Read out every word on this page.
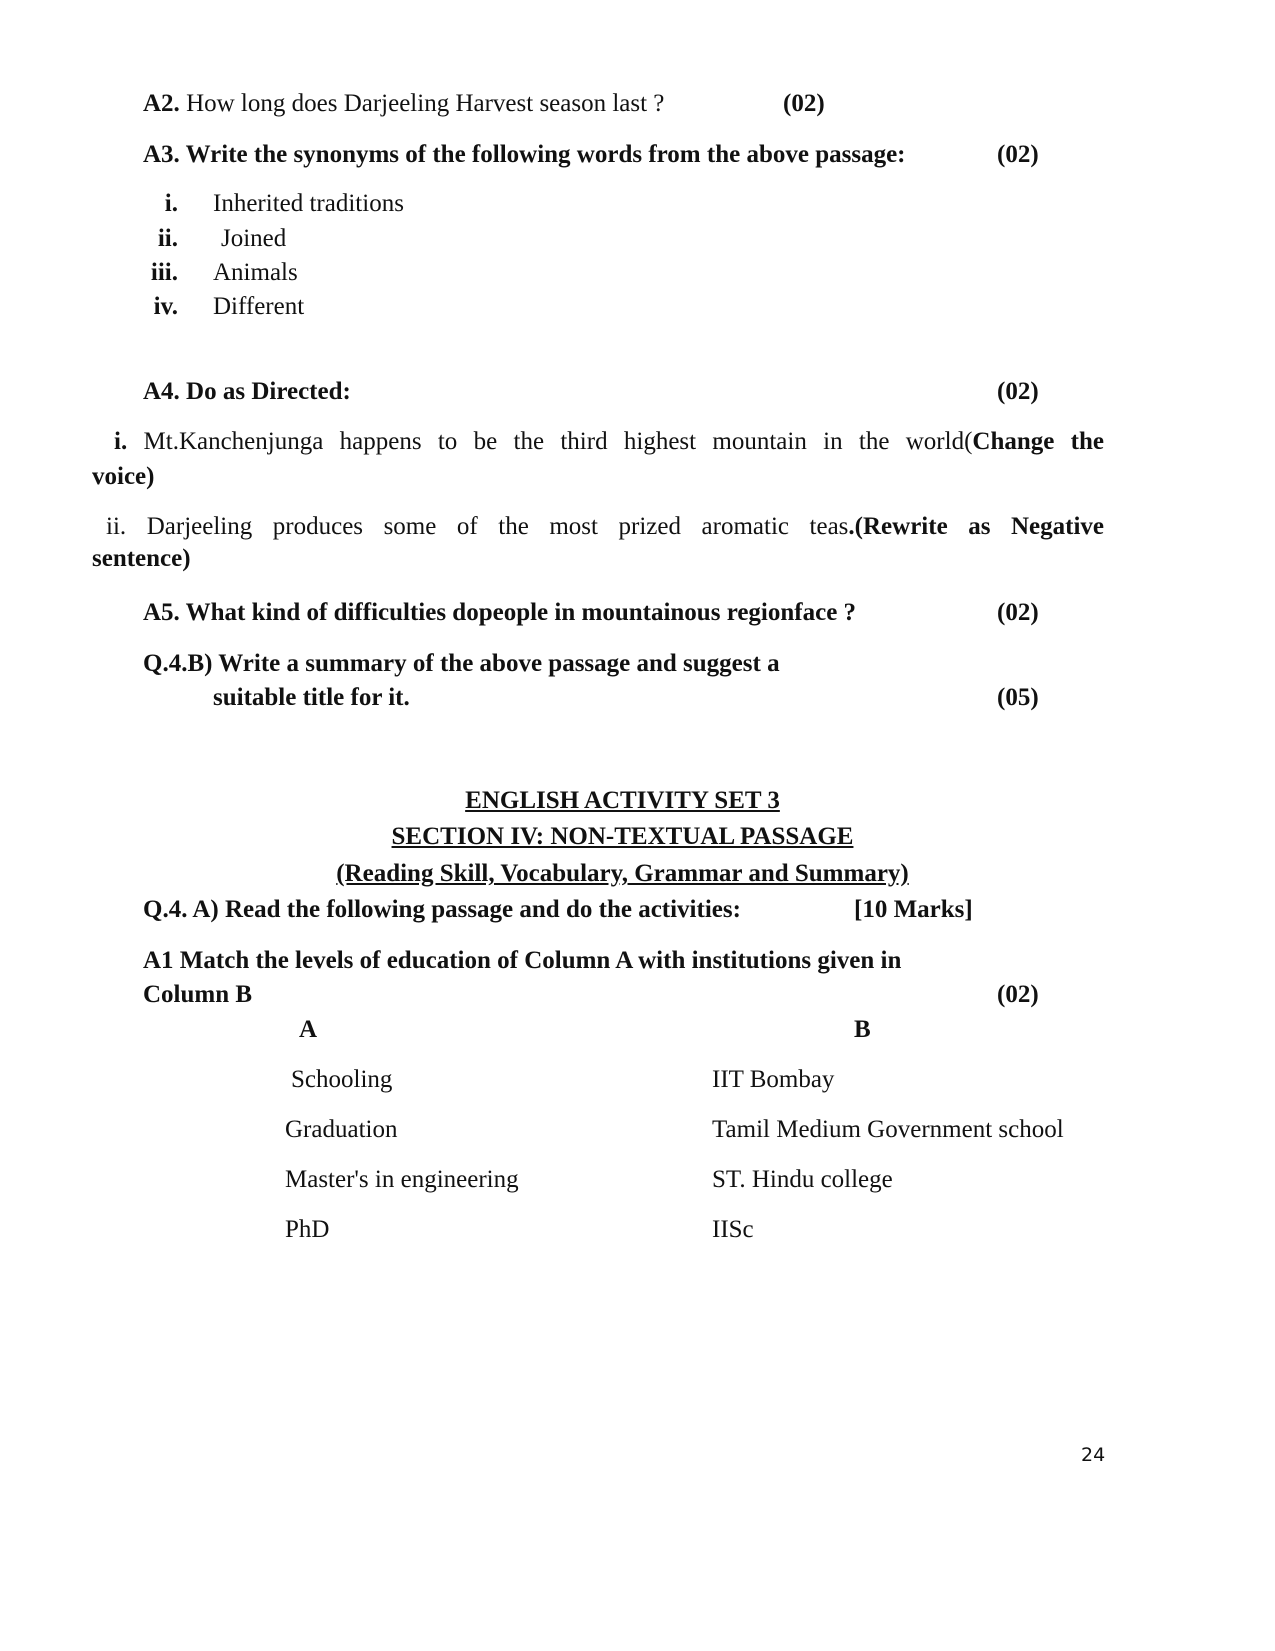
A2. How long does Darjeeling Harvest season last ?	(02)
A3. Write the synonyms of the following words from the above passage:	(02)
i. Inherited traditions
ii. Joined
iii. Animals
iv. Different
A4. Do as Directed:	(02)
i. Mt.Kanchenjunga happens to be the third highest mountain in the world(Change the
voice)
ii. Darjeeling produces some of the most prized aromatic teas.(Rewrite as Negative
sentence)
A5. What kind of difficulties dopeople in mountainous regionface ?	(02)
Q.4.B) Write a summary of the above passage and suggest a
suitable title for it.	(05)
ENGLISH ACTIVITY SET 3
SECTION IV: NON-TEXTUAL PASSAGE
(Reading Skill, Vocabulary, Grammar and Summary)
Q.4. A) Read the following passage and do the activities:	[10 Marks]
A1 Match the levels of education of Column A with institutions given in
Column B	(02)
A	B
Schooling	IIT Bombay
Graduation	Tamil Medium Government school
Master's in engineering	ST. Hindu college
PhD	IISc
24
